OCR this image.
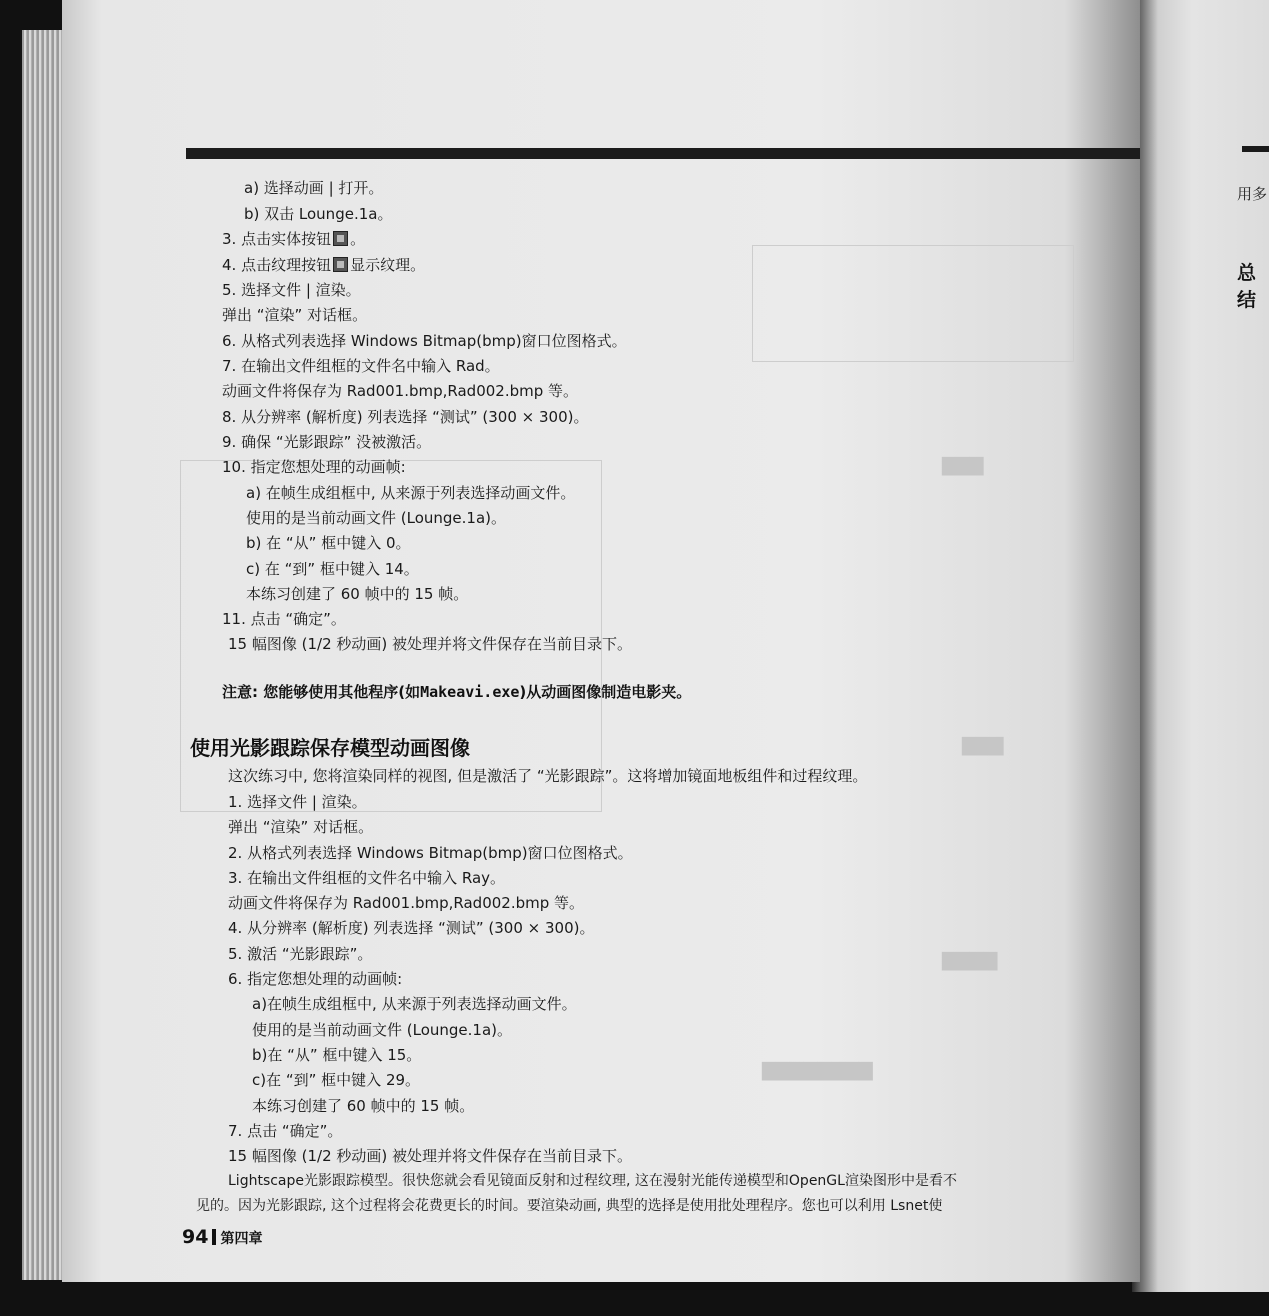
用多
总结
▇▇▇
▇▇▇▇
▇▇▇▇▇▇▇▇
▇▇▇
a) 选择动画 | 打开。
b) 双击 Lounge.1a。
3. 点击实体按钮 。
4. 点击纹理按钮 显示纹理。
5. 选择文件 | 渲染。
弹出 “渲染” 对话框。
6. 从格式列表选择 Windows Bitmap(bmp)窗口位图格式。
7. 在输出文件组框的文件名中输入 Rad。
动画文件将保存为 Rad001.bmp,Rad002.bmp 等。
8. 从分辨率 (解析度) 列表选择 “测试” (300 × 300)。
9. 确保 “光影跟踪” 没被激活。
10. 指定您想处理的动画帧:
a) 在帧生成组框中, 从来源于列表选择动画文件。
使用的是当前动画文件 (Lounge.1a)。
b) 在 “从” 框中键入 0。
c) 在 “到” 框中键入 14。
本练习创建了 60 帧中的 15 帧。
11. 点击 “确定”。
15 幅图像 (1/2 秒动画) 被处理并将文件保存在当前目录下。
注意: 您能够使用其他程序(如Makeavi.exe)从动画图像制造电影夹。
使用光影跟踪保存模型动画图像
这次练习中, 您将渲染同样的视图, 但是激活了 “光影跟踪”。这将增加镜面地板组件和过程纹理。
1. 选择文件 | 渲染。
弹出 “渲染” 对话框。
2. 从格式列表选择 Windows Bitmap(bmp)窗口位图格式。
3. 在输出文件组框的文件名中输入 Ray。
动画文件将保存为 Rad001.bmp,Rad002.bmp 等。
4. 从分辨率 (解析度) 列表选择 “测试” (300 × 300)。
5. 激活 “光影跟踪”。
6. 指定您想处理的动画帧:
a)在帧生成组框中, 从来源于列表选择动画文件。
使用的是当前动画文件 (Lounge.1a)。
b)在 “从” 框中键入 15。
c)在 “到” 框中键入 29。
本练习创建了 60 帧中的 15 帧。
7. 点击 “确定”。
15 幅图像 (1/2 秒动画) 被处理并将文件保存在当前目录下。
Lightscape光影跟踪模型。很快您就会看见镜面反射和过程纹理, 这在漫射光能传递模型和OpenGL渲染图形中是看不
见的。因为光影跟踪, 这个过程将会花费更长的时间。要渲染动画, 典型的选择是使用批处理程序。您也可以利用 Lsnet使
94 第四章
